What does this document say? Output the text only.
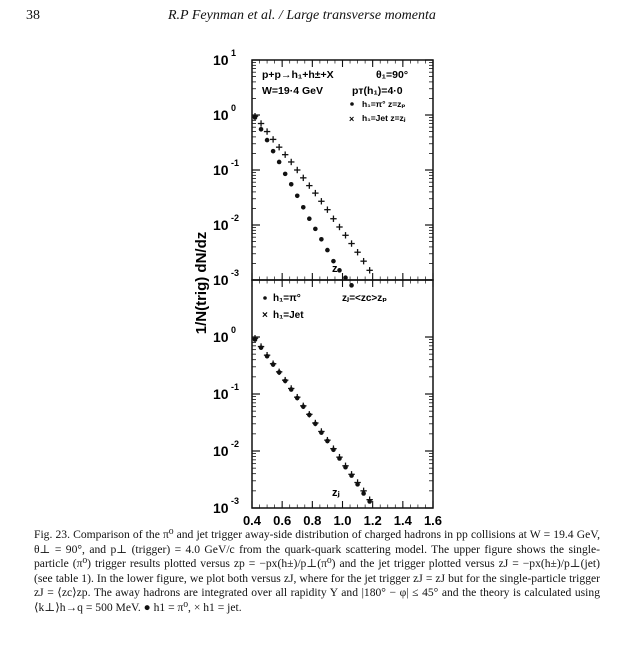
38	R.P Feynman et al. / Large transverse momenta
1/N(trig) dN/dz
10 1
10 0
10 -1
10 -2
10 -3
10 0
10 -1
10 -2
10 -3
0.4 0.6 0.8 1.0 1.2 1.4 1.6
p+p→h₁+h±+X	θ₁=90°
W=19·4 GeV	pᴛ(h₁)=4·0
h₁=π° z=zₚ
× h₁=Jet z=zⱼ
z
h₁=π°	zⱼ=<zᴄ>zₚ
× h₁=Jet
zⱼ

Fig. 23. Comparison of the π⁰ and jet trigger away-side distribution of charged hadrons in pp collisions at W = 19.4 GeV, θ⊥ = 90°, and p⊥ (trigger) = 4.0 GeV/c from the quark-quark scattering model. The upper figure shows the single-particle (π⁰) trigger results plotted versus zp = −px(h±)/p⊥(π⁰) and the jet trigger plotted versus zJ = −px(h±)/p⊥(jet) (see table 1). In the lower figure, we plot both versus zJ, where for the jet trigger zJ = zJ but for the single-particle trigger zJ = ⟨zc⟩zp. The away hadrons are integrated over all rapidity Y and |180° − φ| ≤ 45° and the theory is calculated using ⟨k⊥⟩h→q = 500 MeV. ● h1 = π⁰, × h1 = jet.
